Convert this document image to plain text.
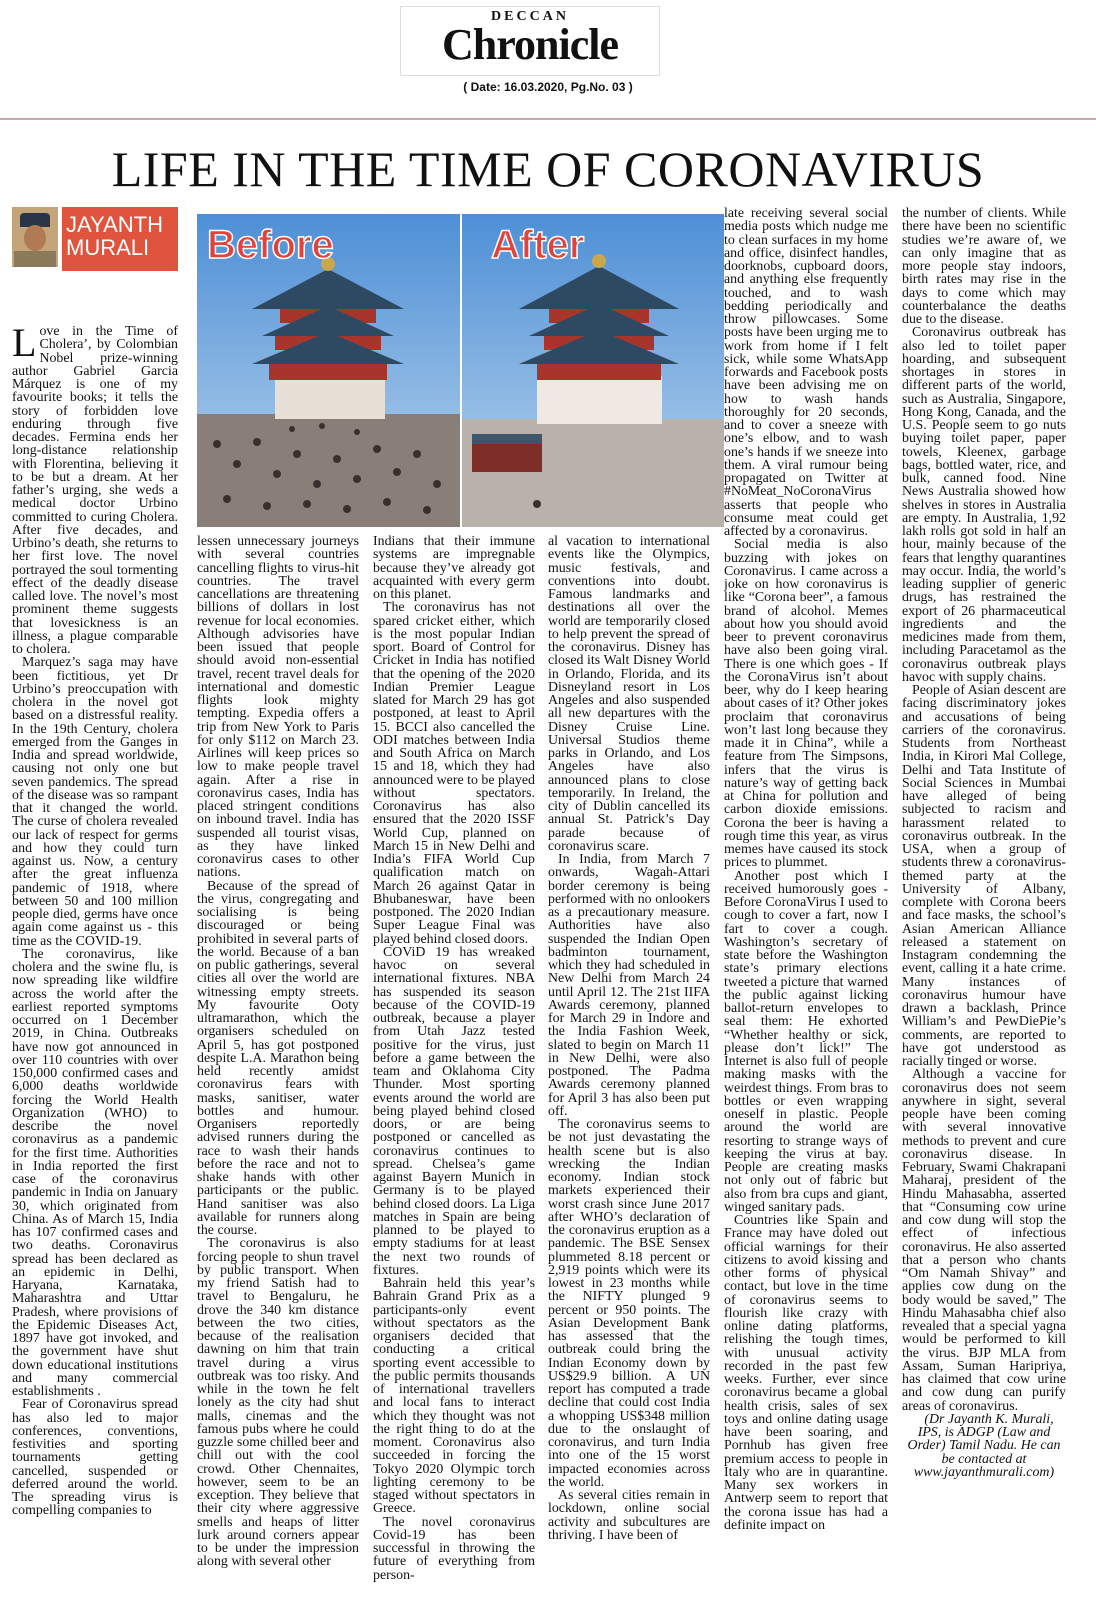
DECCAN
Chronicle
( Date: 16.03.2020, Pg.No. 03 )
LIFE IN THE TIME OF CORONAVIRUS
JAYANTH
MURALI	Before	After

Love in the Time of Cholera’, by Colombian Nobel prize-winning author Gabriel Garcia Márquez is one of my favourite books; it tells the story of forbidden love enduring through five decades. Fermina ends her long-distance relationship with Florentina, believing it to be but a dream. At her father’s urging, she weds a medical doctor Urbino committed to curing Cholera. After five decades, and Urbino’s death, she returns to her first love. The novel portrayed the soul tormenting effect of the deadly disease called love. The novel’s most prominent theme suggests that lovesickness is an illness, a plague comparable to cholera.

Marquez’s saga may have been fictitious, yet Dr Urbino’s preoccupation with cholera in the novel got based on a distressful reality. In the 19th Century, cholera emerged from the Ganges in India and spread worldwide, causing not only one but seven pandemics. The spread of the disease was so rampant that it changed the world. The curse of cholera revealed our lack of respect for germs and how they could turn against us. Now, a century after the great influenza pandemic of 1918, where between 50 and 100 million people died, germs have once again come against us - this time as the COVID-19.

The coronavirus, like cholera and the swine flu, is now spreading like wildfire across the world after the earliest reported symptoms occurred on 1 December 2019, in China. Outbreaks have now got announced in over 110 countries with over 150,000 confirmed cases and 6,000 deaths worldwide forcing the World Health Organization (WHO) to describe the novel coronavirus as a pandemic for the first time. Authorities in India reported the first case of the coronavirus pandemic in India on January 30, which originated from China. As of March 15, India has 107 confirmed cases and two deaths. Coronavirus spread has been declared as an epidemic in Delhi, Haryana, Karnataka, Maharashtra and Uttar Pradesh, where provisions of the Epidemic Diseases Act, 1897 have got invoked, and the government have shut down educational institutions and many commercial establishments .

Fear of Coronavirus spread has also led to major conferences, conventions, festivities and sporting tournaments getting cancelled, suspended or deferred around the world. The spreading virus is compelling companies to

lessen unnecessary journeys with several countries cancelling flights to virus-hit countries. The travel cancellations are threatening billions of dollars in lost revenue for local economies. Although advisories have been issued that people should avoid non-essential travel, recent travel deals for international and domestic flights look mighty tempting. Expedia offers a trip from New York to Paris for only $112 on March 23. Airlines will keep prices so low to make people travel again. After a rise in coronavirus cases, India has placed stringent conditions on inbound travel. India has suspended all tourist visas, as they have linked coronavirus cases to other nations.

Because of the spread of the virus, congregating and socialising is being discouraged or being prohibited in several parts of the world. Because of a ban on public gatherings, several cities all over the world are witnessing empty streets. My favourite Ooty ultramarathon, which the organisers scheduled on April 5, has got postponed despite L.A. Marathon being held recently amidst coronavirus fears with masks, sanitiser, water bottles and humour. Organisers reportedly advised runners during the race to wash their hands before the race and not to shake hands with other participants or the public. Hand sanitiser was also available for runners along the course.

The coronavirus is also forcing people to shun travel by public transport. When my friend Satish had to travel to Bengaluru, he drove the 340 km distance between the two cities, because of the realisation dawning on him that train travel during a virus outbreak was too risky. And while in the town he felt lonely as the city had shut malls, cinemas and the famous pubs where he could guzzle some chilled beer and chill out with the cool crowd. Other Chennaites, however, seem to be an exception. They believe that their city where aggressive smells and heaps of litter lurk around corners appear to be under the impression along with several other

Indians that their immune systems are impregnable because they’ve already got acquainted with every germ on this planet.

The coronavirus has not spared cricket either, which is the most popular Indian sport. Board of Control for Cricket in India has notified that the opening of the 2020 Indian Premier League slated for March 29 has got postponed, at least to April 15. BCCI also cancelled the ODI matches between India and South Africa on March 15 and 18, which they had announced were to be played without spectators. Coronavirus has also ensured that the 2020 ISSF World Cup, planned on March 15 in New Delhi and India’s FIFA World Cup qualification match on March 26 against Qatar in Bhubaneswar, have been postponed. The 2020 Indian Super League Final was played behind closed doors.

COViD 19 has wreaked havoc on several international fixtures. NBA has suspended its season because of the COVID-19 outbreak, because a player from Utah Jazz tested positive for the virus, just before a game between the team and Oklahoma City Thunder. Most sporting events around the world are being played behind closed doors, or are being postponed or cancelled as coronavirus continues to spread. Chelsea’s game against Bayern Munich in Germany is to be played behind closed doors. La Liga matches in Spain are being planned to be played to empty stadiums for at least the next two rounds of fixtures.

Bahrain held this year’s Bahrain Grand Prix as a participants-only event without spectators as the organisers decided that conducting a critical sporting event accessible to the public permits thousands of international travellers and local fans to interact which they thought was not the right thing to do at the moment. Coronavirus also succeeded in forcing the Tokyo 2020 Olympic torch lighting ceremony to be staged without spectators in Greece.

The novel coronavirus Covid-19 has been successful in throwing the future of everything from person-

al vacation to international events like the Olympics, music festivals, and conventions into doubt. Famous landmarks and destinations all over the world are temporarily closed to help prevent the spread of the coronavirus. Disney has closed its Walt Disney World in Orlando, Florida, and its Disneyland resort in Los Angeles and also suspended all new departures with the Disney Cruise Line. Universal Studios theme parks in Orlando, and Los Angeles have also announced plans to close temporarily. In Ireland, the city of Dublin cancelled its annual St. Patrick’s Day parade because of coronavirus scare.

In India, from March 7 onwards, Wagah-Attari border ceremony is being performed with no onlookers as a precautionary measure. Authorities have also suspended the Indian Open badminton tournament, which they had scheduled in New Delhi from March 24 until April 12. The 21st IIFA Awards ceremony, planned for March 29 in Indore and the India Fashion Week, slated to begin on March 11 in New Delhi, were also postponed. The Padma Awards ceremony planned for April 3 has also been put off.

The coronavirus seems to be not just devastating the health scene but is also wrecking the Indian economy. Indian stock markets experienced their worst crash since June 2017 after WHO’s declaration of the coronavirus eruption as a pandemic. The BSE Sensex plummeted 8.18 percent or 2,919 points which were its lowest in 23 months while the NIFTY plunged 9 percent or 950 points. The Asian Development Bank has assessed that the outbreak could bring the Indian Economy down by US$29.9 billion. A UN report has computed a trade decline that could cost India a whopping US$348 million due to the onslaught of coronavirus, and turn India into one of the 15 worst impacted economies across the world.

As several cities remain in lockdown, online social activity and subcultures are thriving. I have been of

late receiving several social media posts which nudge me to clean surfaces in my home and office, disinfect handles, doorknobs, cupboard doors, and anything else frequently touched, and to wash bedding periodically and throw pillowcases. Some posts have been urging me to work from home if I felt sick, while some WhatsApp forwards and Facebook posts have been advising me on how to wash hands thoroughly for 20 seconds, and to cover a sneeze with one’s elbow, and to wash one’s hands if we sneeze into them. A viral rumour being propagated on Twitter at #NoMeat_NoCoronaVirus asserts that people who consume meat could get affected by a coronavirus.

Social media is also buzzing with jokes on Coronavirus. I came across a joke on how coronavirus is like “Corona beer”, a famous brand of alcohol. Memes about how you should avoid beer to prevent coronavirus have also been going viral. There is one which goes - If the CoronaVirus isn’t about beer, why do I keep hearing about cases of it? Other jokes proclaim that coronavirus won’t last long because they made it in China”, while a feature from The Simpsons, infers that the virus is nature’s way of getting back at China for pollution and carbon dioxide emissions. Corona the beer is having a rough time this year, as virus memes have caused its stock prices to plummet.

Another post which I received humorously goes - Before CoronaVirus I used to cough to cover a fart, now I fart to cover a cough. Washington’s secretary of state before the Washington state’s primary elections tweeted a picture that warned the public against licking ballot-return envelopes to seal them: He exhorted “Whether healthy or sick, please don’t lick!” The Internet is also full of people making masks with the weirdest things. From bras to bottles or even wrapping oneself in plastic. People around the world are resorting to strange ways of keeping the virus at bay. People are creating masks not only out of fabric but also from bra cups and giant, winged sanitary pads.

Countries like Spain and France may have doled out official warnings for their citizens to avoid kissing and other forms of physical contact, but love in the time of coronavirus seems to flourish like crazy with online dating platforms, relishing the tough times, with unusual activity recorded in the past few weeks. Further, ever since coronavirus became a global health crisis, sales of sex toys and online dating usage have been soaring, and Pornhub has given free premium access to people in Italy who are in quarantine. Many sex workers in Antwerp seem to report that the corona issue has had a definite impact on

the number of clients. While there have been no scientific studies we’re aware of, we can only imagine that as more people stay indoors, birth rates may rise in the days to come which may counterbalance the deaths due to the disease.

Coronavirus outbreak has also led to toilet paper hoarding, and subsequent shortages in stores in different parts of the world, such as Australia, Singapore, Hong Kong, Canada, and the U.S. People seem to go nuts buying toilet paper, paper towels, Kleenex, garbage bags, bottled water, rice, and bulk, canned food. Nine News Australia showed how shelves in stores in Australia are empty. In Australia, 1,92 lakh rolls got sold in half an hour, mainly because of the fears that lengthy quarantines may occur. India, the world’s leading supplier of generic drugs, has restrained the export of 26 pharmaceutical ingredients and the medicines made from them, including Paracetamol as the coronavirus outbreak plays havoc with supply chains.

People of Asian descent are facing discriminatory jokes and accusations of being carriers of the coronavirus. Students from Northeast India, in Kirori Mal College, Delhi and Tata Institute of Social Sciences in Mumbai have alleged of being subjected to racism and harassment related to coronavirus outbreak. In the USA, when a group of students threw a coronavirus-themed party at the University of Albany, complete with Corona beers and face masks, the school’s Asian American Alliance released a statement on Instagram condemning the event, calling it a hate crime. Many instances of coronavirus humour have drawn a backlash, Prince William’s and PewDiePie’s comments, are reported to have got understood as racially tinged or worse.

Although a vaccine for coronavirus does not seem anywhere in sight, several people have been coming with several innovative methods to prevent and cure coronavirus disease. In February, Swami Chakrapani Maharaj, president of the Hindu Mahasabha, asserted that “Consuming cow urine and cow dung will stop the effect of infectious coronavirus. He also asserted that a person who chants “Om Namah Shivay” and applies cow dung on the body would be saved,” The Hindu Mahasabha chief also revealed that a special yagna would be performed to kill the virus. BJP MLA from Assam, Suman Haripriya, has claimed that cow urine and cow dung can purify areas of coronavirus.

(Dr Jayanth K. Murali, IPS, is ADGP (Law and Order) Tamil Nadu. He can be contacted at www.jayanthmurali.com)
